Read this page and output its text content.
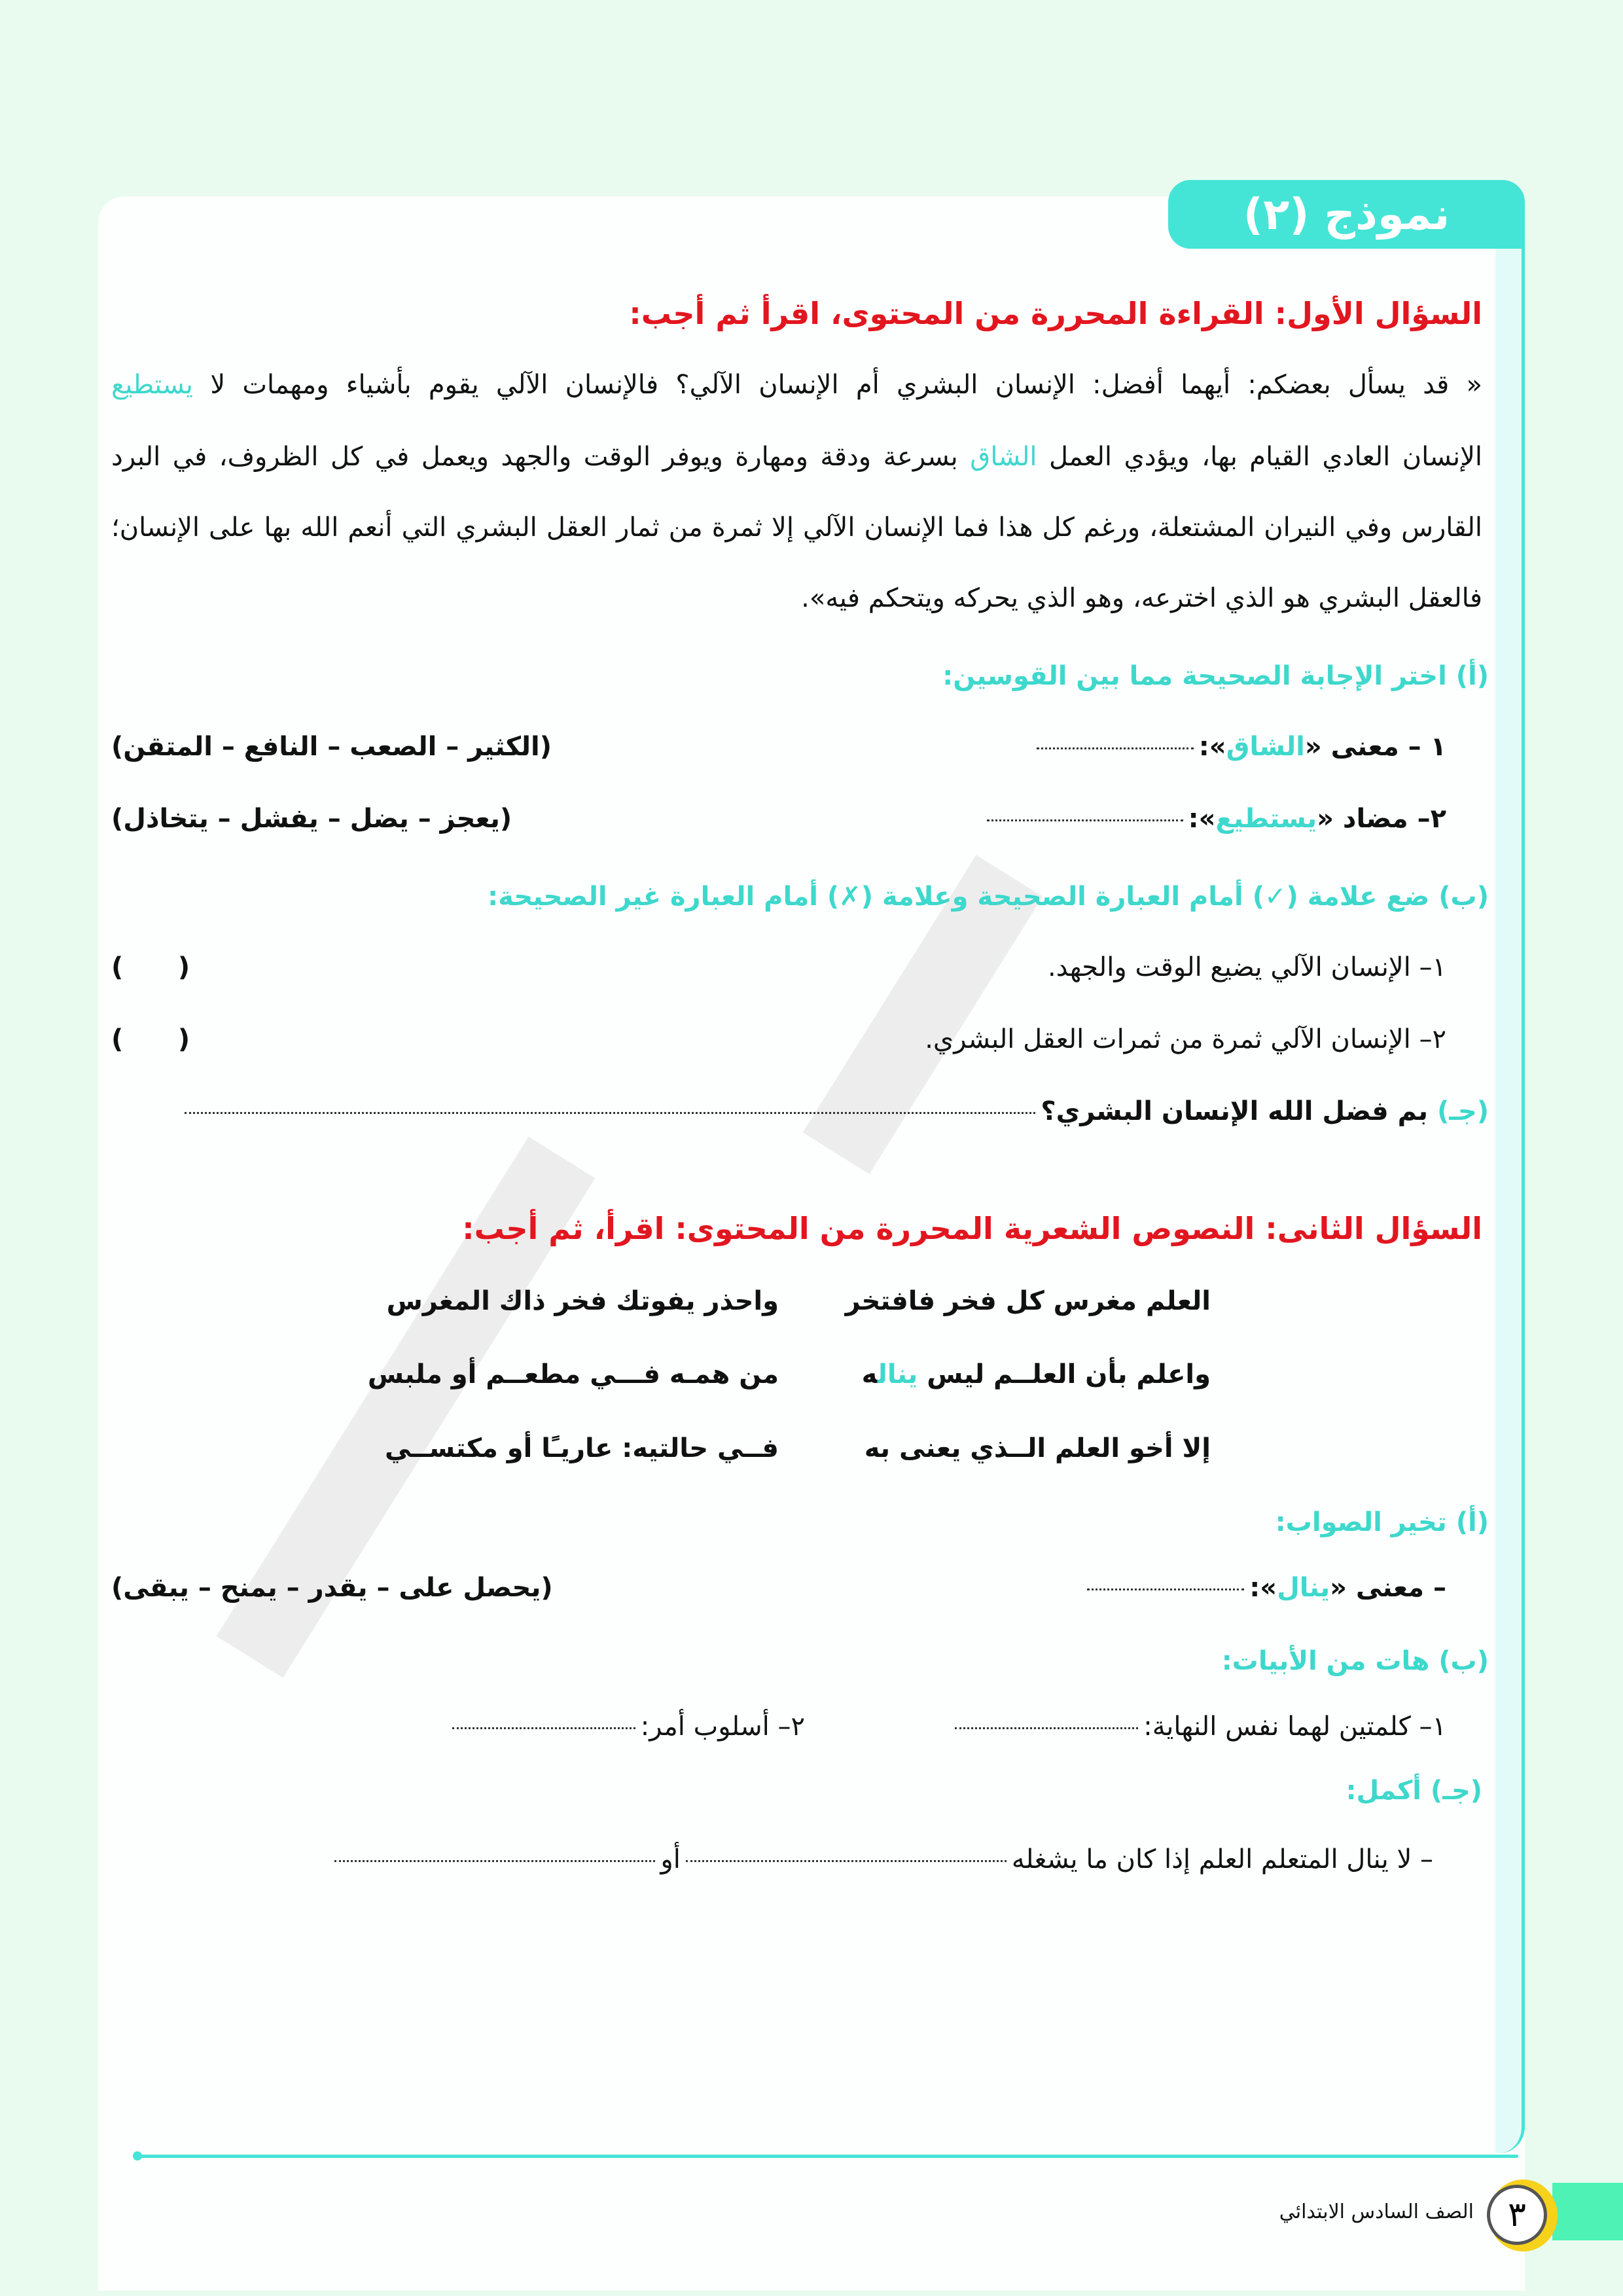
نموذج (٢)
السؤال الأول: القراءة المحررة من المحتوى، اقرأ ثم أجب:
« قد يسأل بعضكم: أيهما أفضل: الإنسان البشري أم الإنسان الآلي؟ فالإنسان الآلي يقوم بأشياء ومهمات لا يستطيع
الإنسان العادي القيام بها، ويؤدي العمل الشاق بسرعة ودقة ومهارة ويوفر الوقت والجهد ويعمل في كل الظروف، في البرد
القارس وفي النيران المشتعلة، ورغم كل هذا فما الإنسان الآلي إلا ثمرة من ثمار العقل البشري التي أنعم الله بها على الإنسان؛
فالعقل البشري هو الذي اخترعه، وهو الذي يحركه ويتحكم فيه».
(أ) اختر الإجابة الصحيحة مما بين القوسين:
١ – معنى «الشاق»:
(الكثير – الصعب – النافع – المتقن)
٢– مضاد «يستطيع»:
(يعجز – يضل – يفشل – يتخاذل)
(ب) ضع علامة (✓) أمام العبارة الصحيحة وعلامة (✗) أمام العبارة غير الصحيحة:
١– الإنسان الآلي يضيع الوقت والجهد.
(      )
٢– الإنسان الآلي ثمرة من ثمرات العقل البشري.
(      )
(جـ) بم فضل الله الإنسان البشري؟
السؤال الثانى: النصوص الشعرية المحررة من المحتوى: اقرأ، ثم أجب:
العلم مغرس كل فخر فافتخر
واحذر يفوتك فخر ذاك المغرس
واعلم بأن العلــم ليس يناله
من همـه فـــي مطعــم أو ملبس
إلا أخو العلم الــذي يعنى به
فــي حالتيه: عاريـًا أو مكتســي
(أ) تخير الصواب:
– معنى «ينال»:
(يحصل على – يقدر – يمنح – يبقى)
(ب) هات من الأبيات:
١– كلمتين لهما نفس النهاية:
٢– أسلوب أمر:
(جـ) أكمل:
– لا ينال المتعلم العلم إذا كان ما يشغلهأو
٣
الصف السادس الابتدائي
